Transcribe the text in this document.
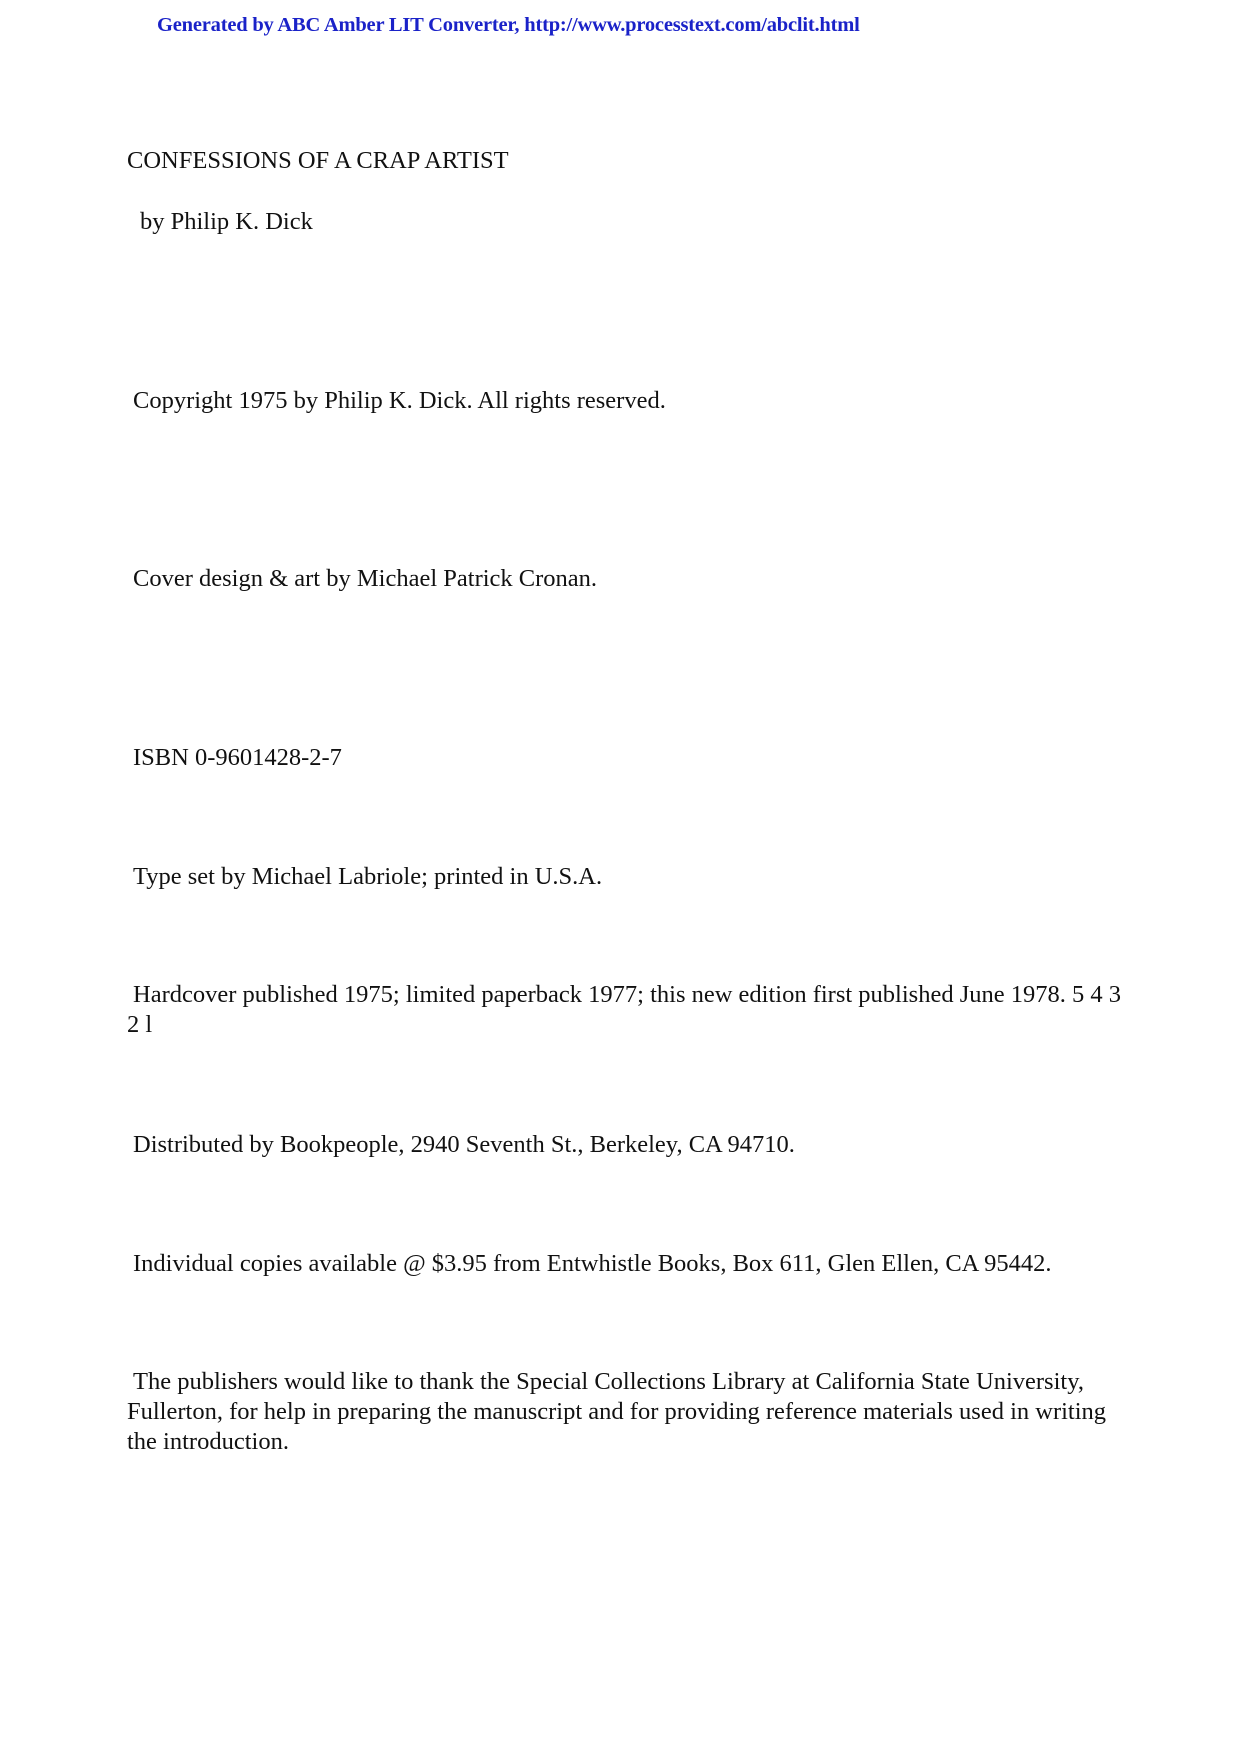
Generated by ABC Amber LIT Converter, http://www.processtext.com/abclit.html
CONFESSIONS OF A CRAP ARTIST
by Philip K. Dick
Copyright 1975 by Philip K. Dick. All rights reserved.
Cover design & art by Michael Patrick Cronan.
ISBN 0-9601428-2-7
Type set by Michael Labriole; printed in U.S.A.
Hardcover published 1975; limited paperback 1977; this new edition first published June 1978. 5 4 3 2 l
Distributed by Bookpeople, 2940 Seventh St., Berkeley, CA 94710.
Individual copies available @ $3.95 from Entwhistle Books, Box 611, Glen Ellen, CA 95442.
The publishers would like to thank the Special Collections Library at California State University, Fullerton, for help in preparing the manuscript and for providing reference materials used in writing the introduction.
